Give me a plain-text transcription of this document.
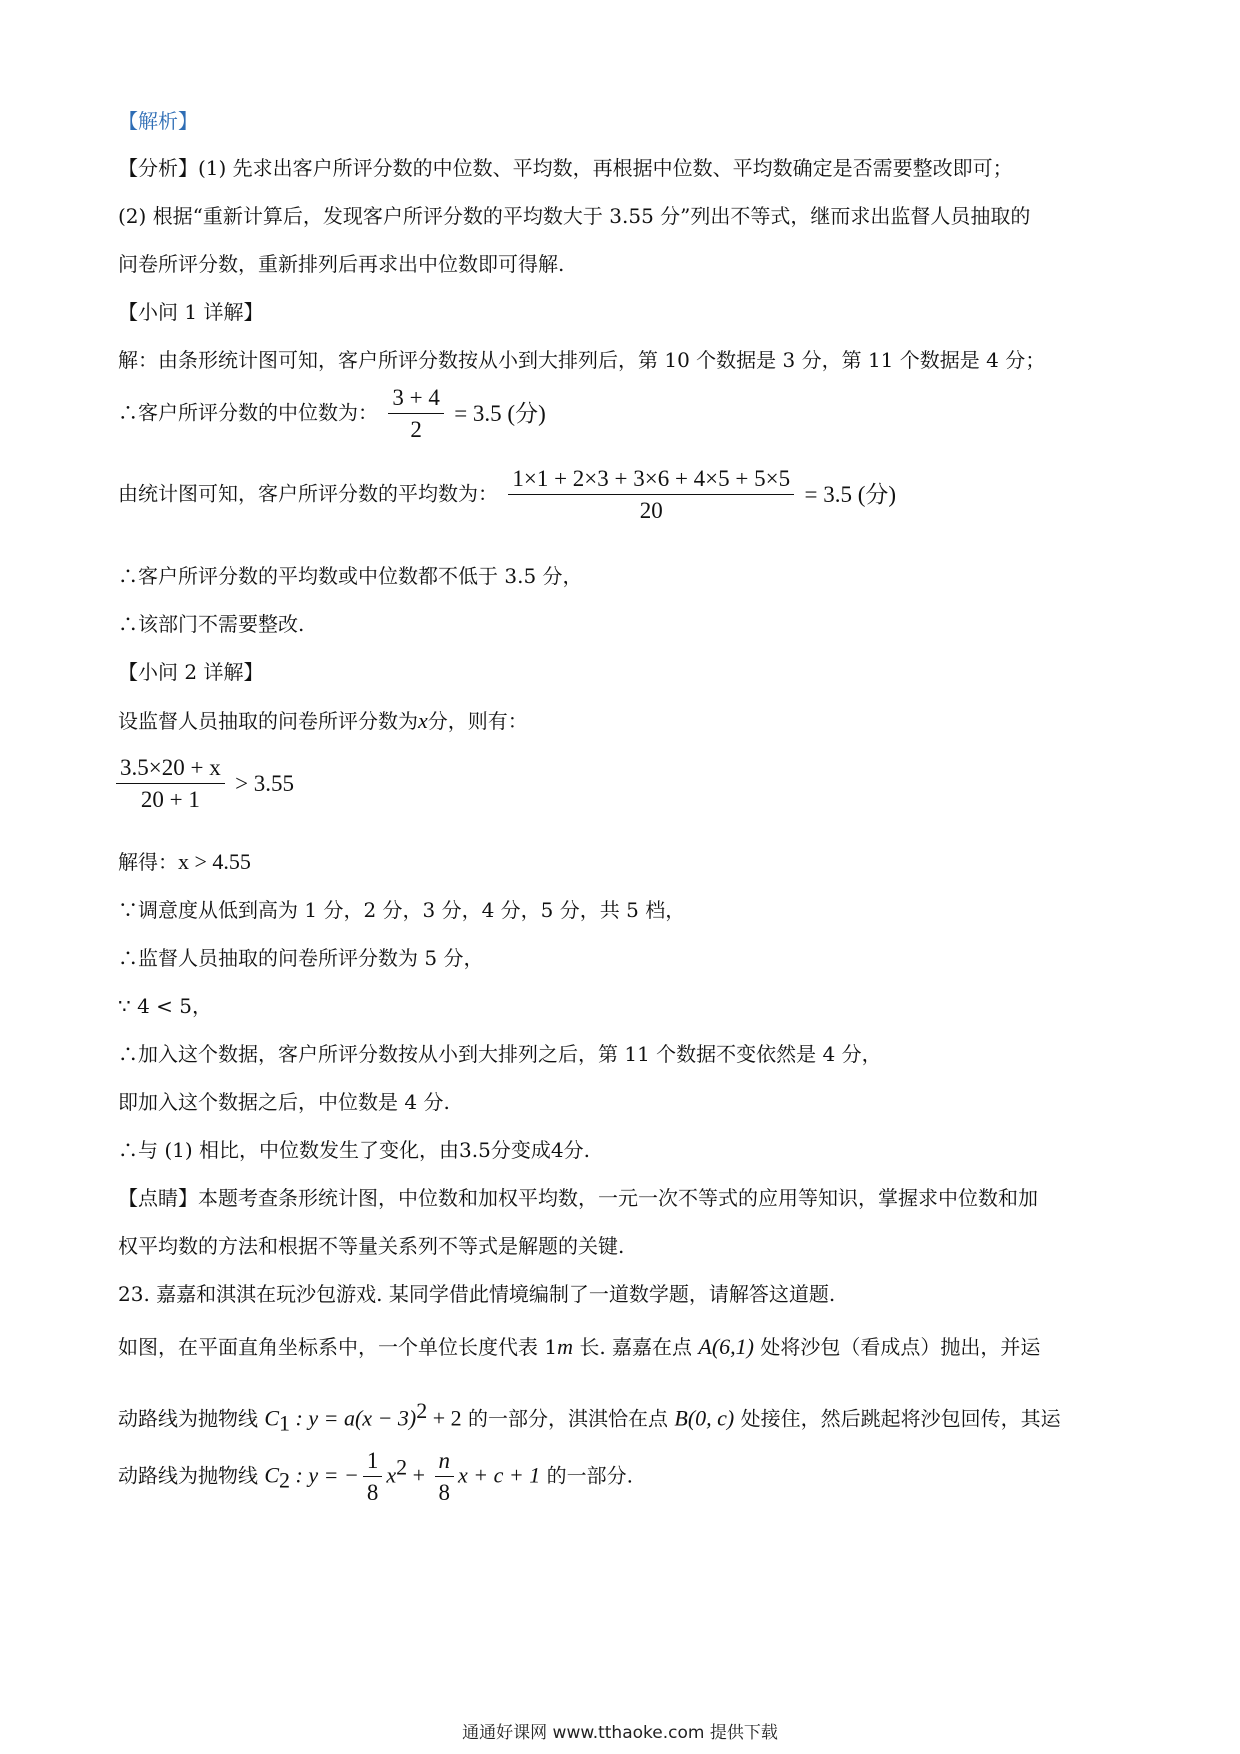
【解析】
【分析】(1) 先求出客户所评分数的中位数、平均数，再根据中位数、平均数确定是否需要整改即可；
(2) 根据“重新计算后，发现客户所评分数的平均数大于 3.55 分”列出不等式，继而求出监督人员抽取的
问卷所评分数，重新排列后再求出中位数即可得解.
【小问 1 详解】
解：由条形统计图可知，客户所评分数按从小到大排列后，第 10 个数据是 3 分，第 11 个数据是 4 分；
∴客户所评分数的中位数为： $\frac{3 + 4}{2} = 3.5$ (分)
由统计图可知，客户所评分数的平均数为： $\frac{1\times 1 + 2\times 3 + 3\times 6 + 4\times 5 + 5\times 5}{20} = 3.5$ (分)
∴客户所评分数的平均数或中位数都不低于 3.5 分，
∴该部门不需要整改.
【小问 2 详解】
设监督人员抽取的问卷所评分数为x分，则有：
$\frac{3.5\times 20 + x}{20 + 1} > 3.55$
解得：x > 4.55
∵调意度从低到高为 1 分，2 分，3 分，4 分，5 分，共 5 档，
∴监督人员抽取的问卷所评分数为 5 分，
∵ 4 < 5，
∴加入这个数据，客户所评分数按从小到大排列之后，第 11 个数据不变依然是 4 分，
即加入这个数据之后，中位数是 4 分.
∴与 (1) 相比，中位数发生了变化，由3.5分变成4分.
【点睛】本题考查条形统计图，中位数和加权平均数，一元一次不等式的应用等知识，掌握求中位数和加
权平均数的方法和根据不等量关系列不等式是解题的关键.
23. 嘉嘉和淇淇在玩沙包游戏. 某同学借此情境编制了一道数学题，请解答这道题.
如图，在平面直角坐标系中，一个单位长度代表 1m 长. 嘉嘉在点 A(6,1) 处将沙包（看成点）抛出，并运
动路线为抛物线 $C_1$ : $y = a(x - 3)^2 + 2$ 的一部分，淇淇恰在点 B(0, c) 处接住，然后跳起将沙包回传，其运
动路线为抛物线 $C_2$ : y = − $\frac{1}{8} x^2 + \frac{n}{8}$ x + c + 1 的一部分.
通通好课网 www.tthaoke.com 提供下载
